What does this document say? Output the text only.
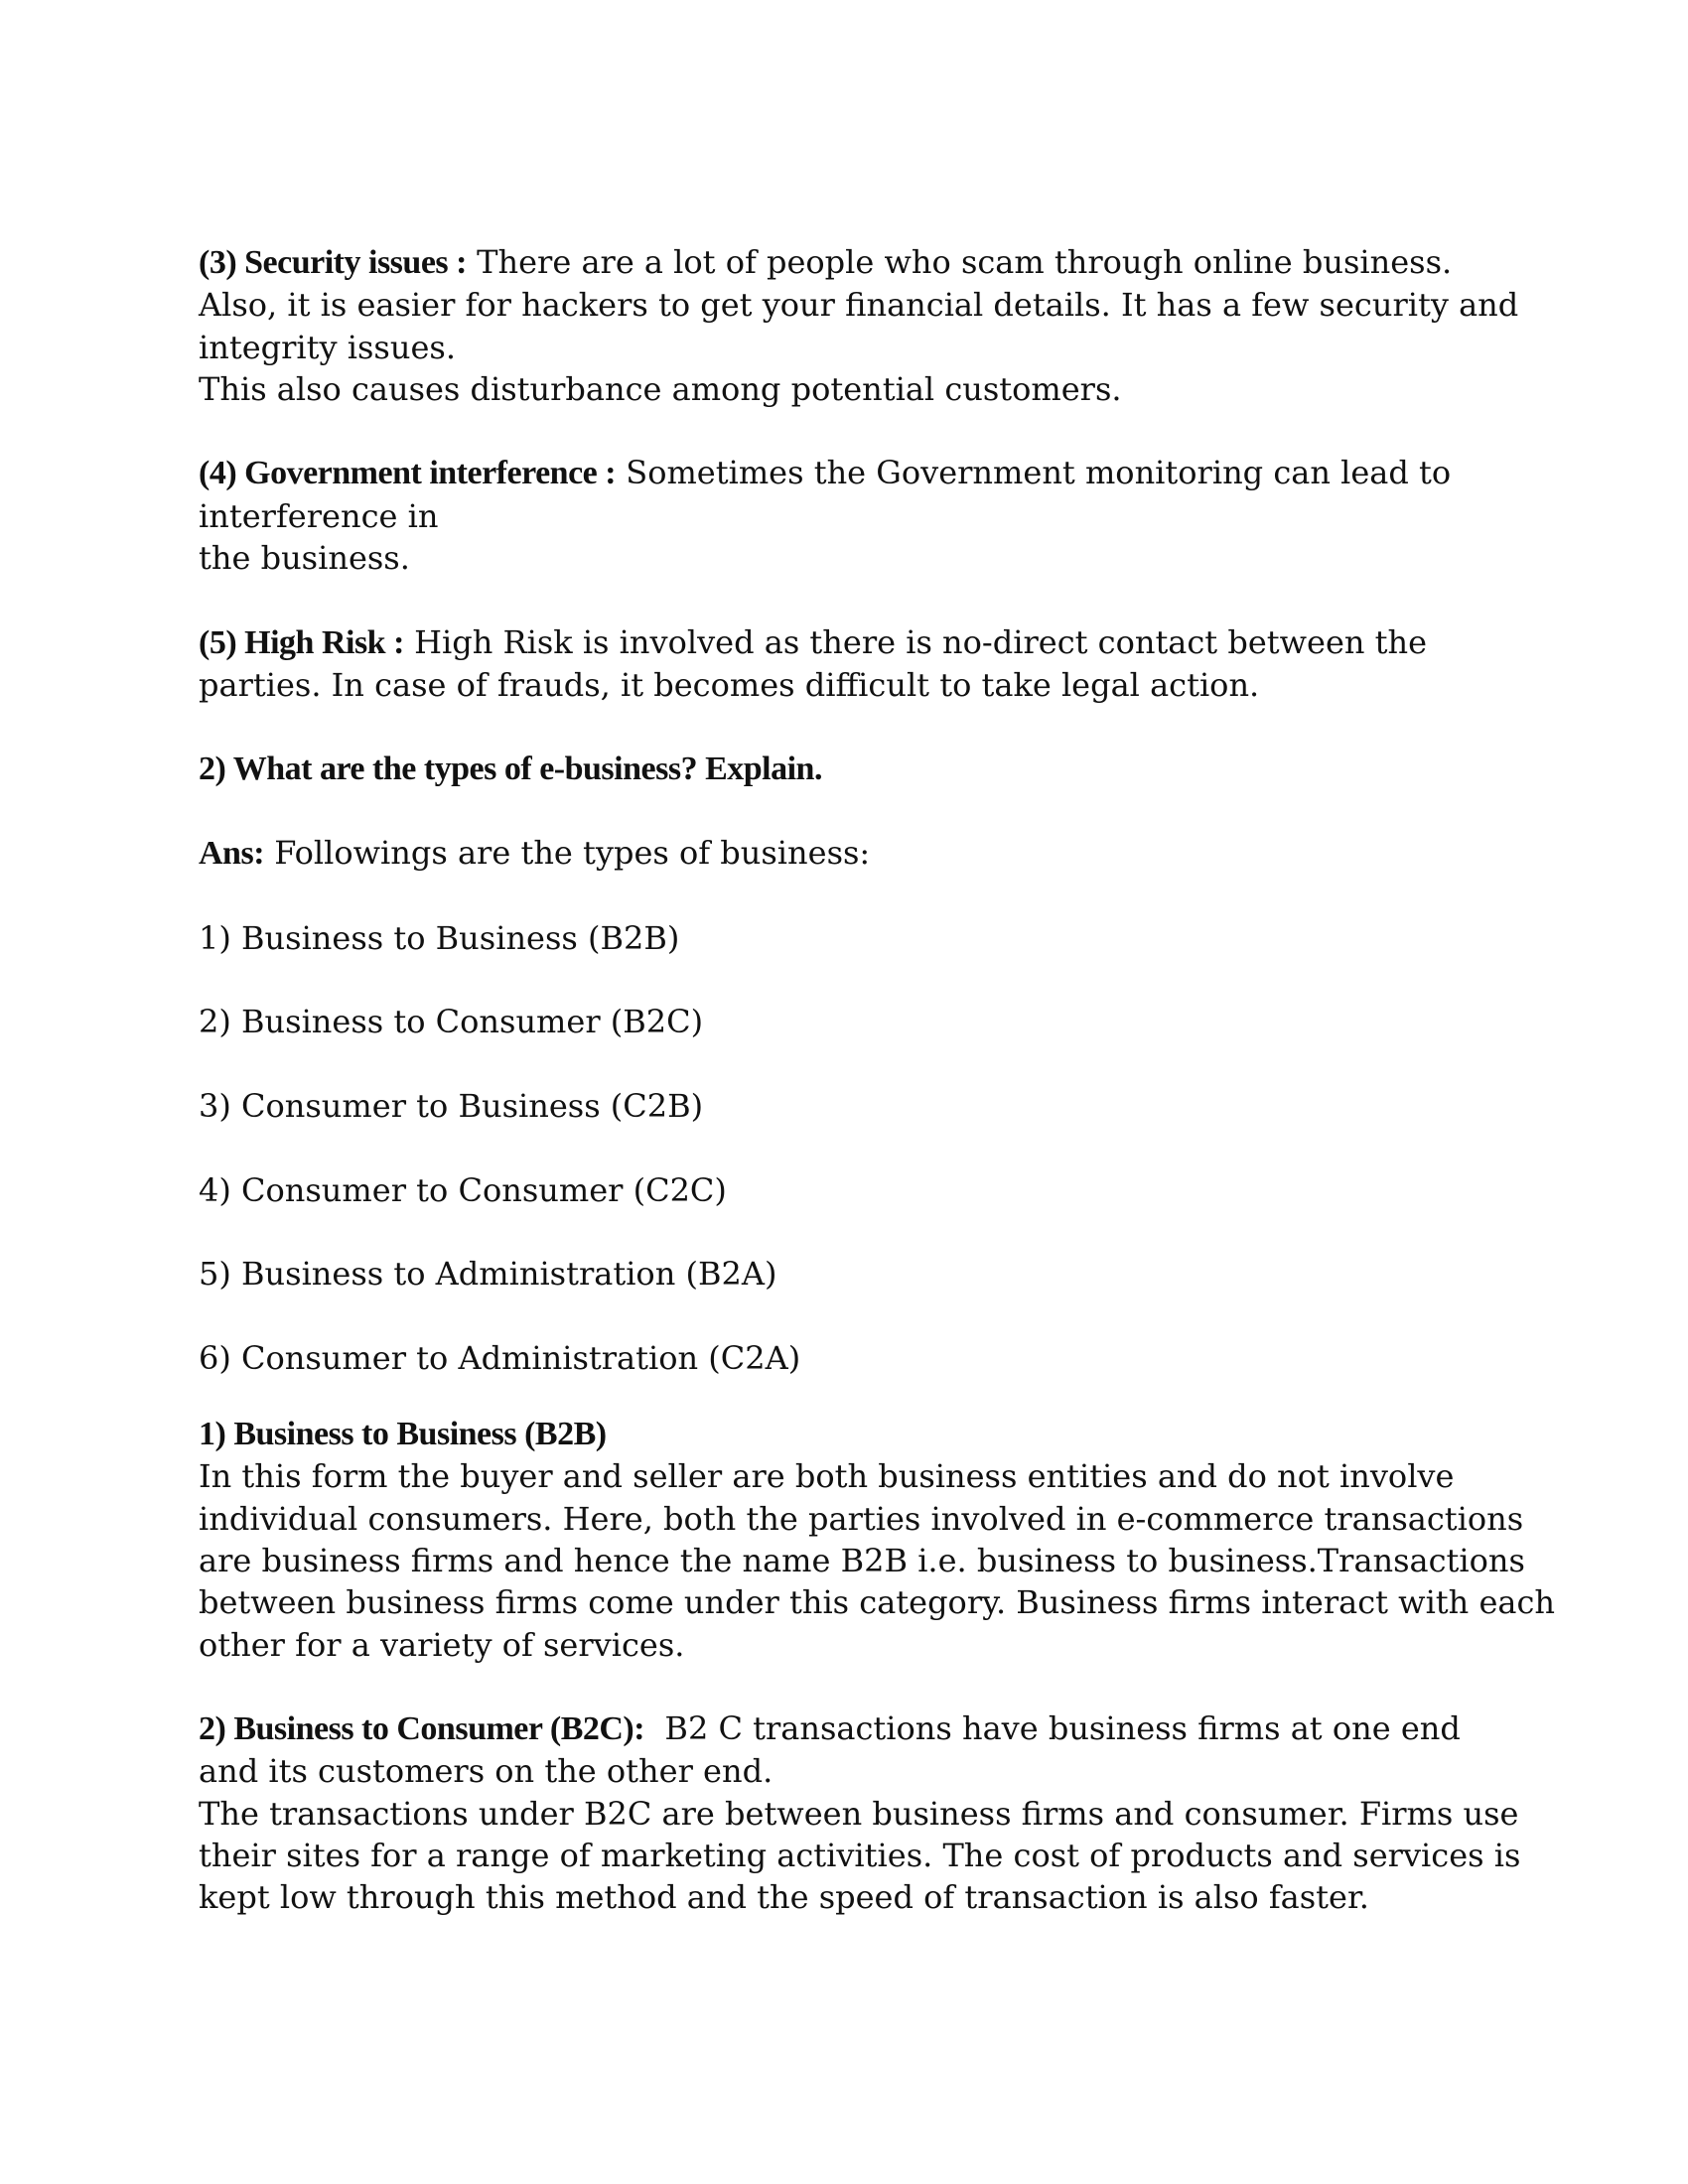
(3) Security issues : There are a lot of people who scam through online business.
Also, it is easier for hackers to get your financial details. It has a few security and
integrity issues.
This also causes disturbance among potential customers.
(4) Government interference : Sometimes the Government monitoring can lead to
interference in
the business.
(5) High Risk : High Risk is involved as there is no-direct contact between the
parties. In case of frauds, it becomes difficult to take legal action.
2) What are the types of e-business? Explain.
Ans: Followings are the types of business:
1) Business to Business (B2B)
2) Business to Consumer (B2C)
3) Consumer to Business (C2B)
4) Consumer to Consumer (C2C)
5) Business to Administration (B2A)
6) Consumer to Administration (C2A)
1) Business to Business (B2B)
In this form the buyer and seller are both business entities and do not involve
individual consumers. Here, both the parties involved in e-commerce transactions
are business firms and hence the name B2B i.e. business to business.Transactions
between business firms come under this category. Business firms interact with each
other for a variety of services.
2) Business to Consumer (B2C):  B2 C transactions have business firms at one end
and its customers on the other end.
The transactions under B2C are between business firms and consumer. Firms use
their sites for a range of marketing activities. The cost of products and services is
kept low through this method and the speed of transaction is also faster.
